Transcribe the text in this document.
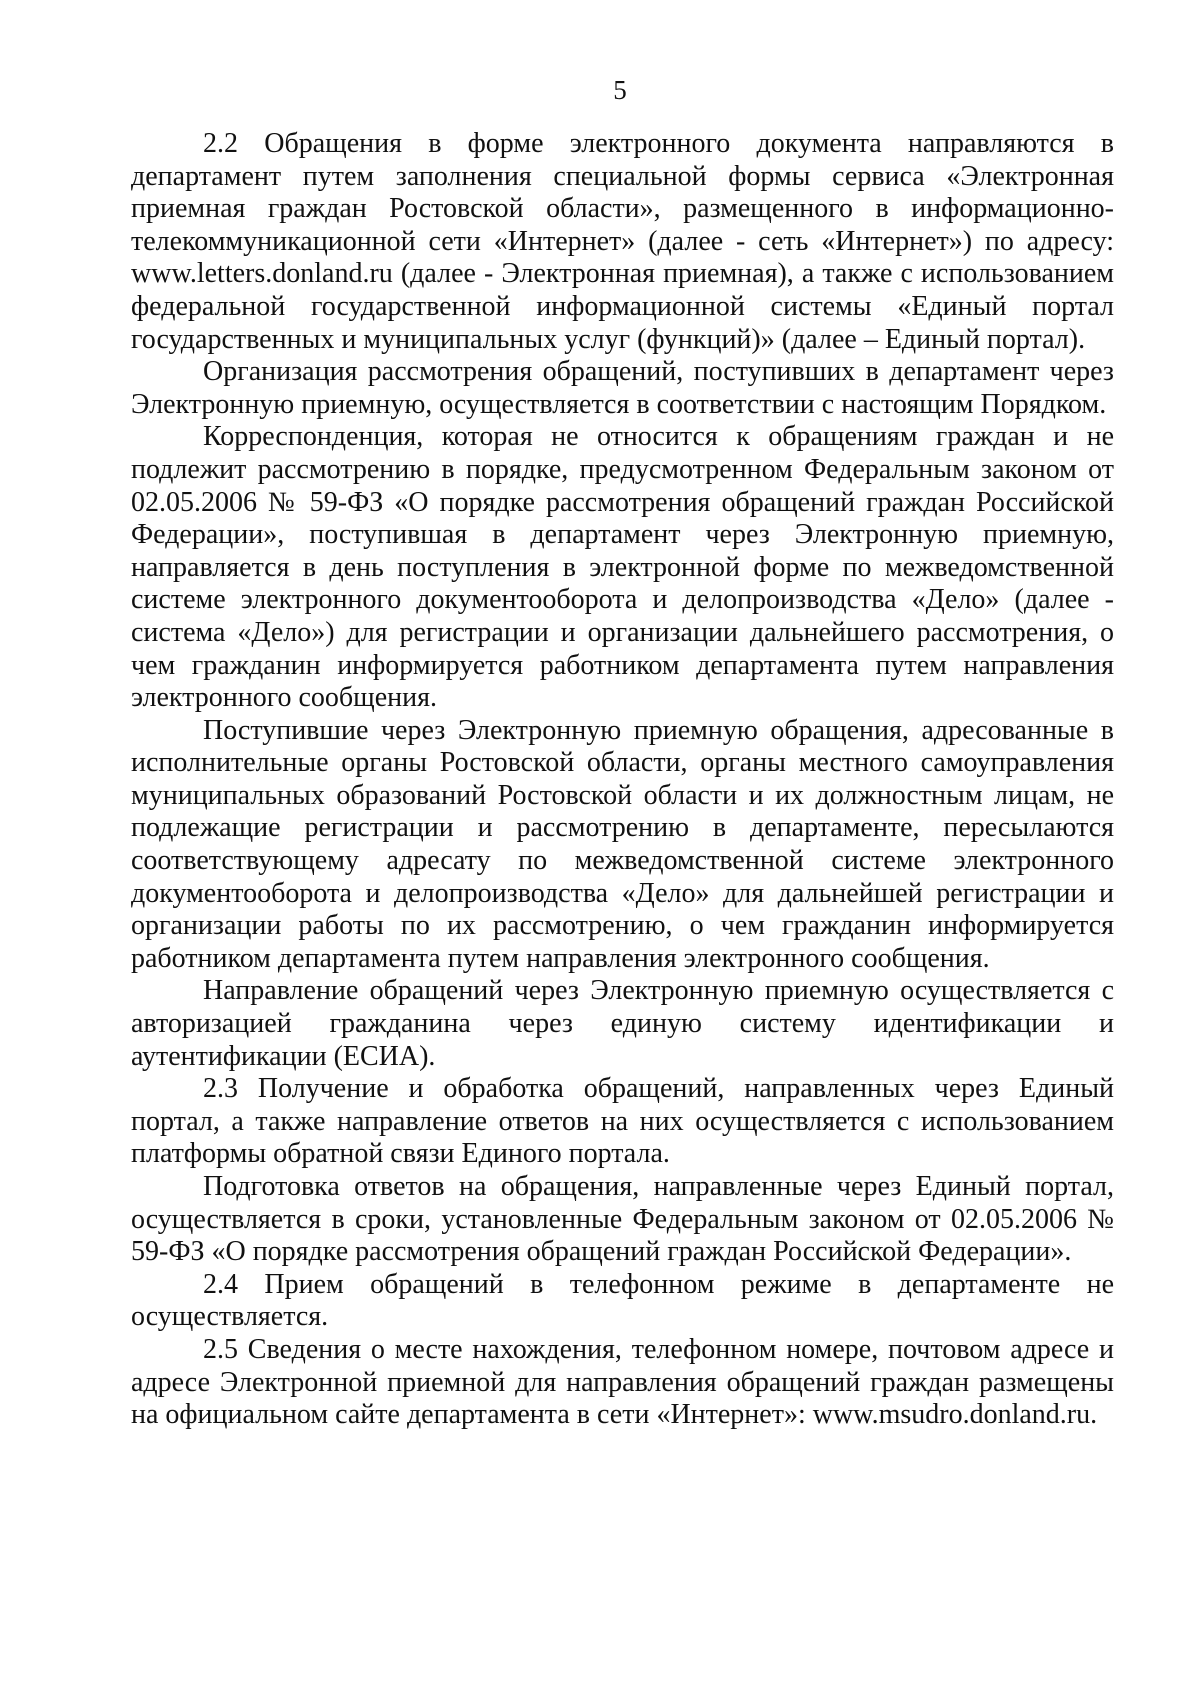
5

2.2 Обращения в форме электронного документа направляются в департамент путем заполнения специальной формы сервиса «Электронная приемная граждан Ростовской области», размещенного в информационно-телекоммуникационной сети «Интернет» (далее - сеть «Интернет») по адресу: www.letters.donland.ru (далее - Электронная приемная), а также с использованием федеральной государственной информационной системы «Единый портал государственных и муниципальных услуг (функций)» (далее – Единый портал).

Организация рассмотрения обращений, поступивших в департамент через Электронную приемную, осуществляется в соответствии с настоящим Порядком.

Корреспонденция, которая не относится к обращениям граждан и не подлежит рассмотрению в порядке, предусмотренном Федеральным законом от 02.05.2006 № 59-ФЗ «О порядке рассмотрения обращений граждан Российской Федерации», поступившая в департамент через Электронную приемную, направляется в день поступления в электронной форме по межведомственной системе электронного документооборота и делопроизводства «Дело» (далее - система «Дело») для регистрации и организации дальнейшего рассмотрения, о чем гражданин информируется работником департамента путем направления электронного сообщения.

Поступившие через Электронную приемную обращения, адресованные в исполнительные органы Ростовской области, органы местного самоуправления муниципальных образований Ростовской области и их должностным лицам, не подлежащие регистрации и рассмотрению в департаменте, пересылаются соответствующему адресату по межведомственной системе электронного документооборота и делопроизводства «Дело» для дальнейшей регистрации и организации работы по их рассмотрению, о чем гражданин информируется работником департамента путем направления электронного сообщения.

Направление обращений через Электронную приемную осуществляется с авторизацией гражданина через единую систему идентификации и аутентификации (ЕСИА).

2.3 Получение и обработка обращений, направленных через Единый портал, а также направление ответов на них осуществляется с использованием платформы обратной связи Единого портала.

Подготовка ответов на обращения, направленные через Единый портал, осуществляется в сроки, установленные Федеральным законом от 02.05.2006 № 59-ФЗ «О порядке рассмотрения обращений граждан Российской Федерации».

2.4 Прием обращений в телефонном режиме в департаменте не осуществляется.

2.5 Сведения о месте нахождения, телефонном номере, почтовом адресе и адресе Электронной приемной для направления обращений граждан размещены на официальном сайте департамента в сети «Интернет»: www.msudro.donland.ru.
